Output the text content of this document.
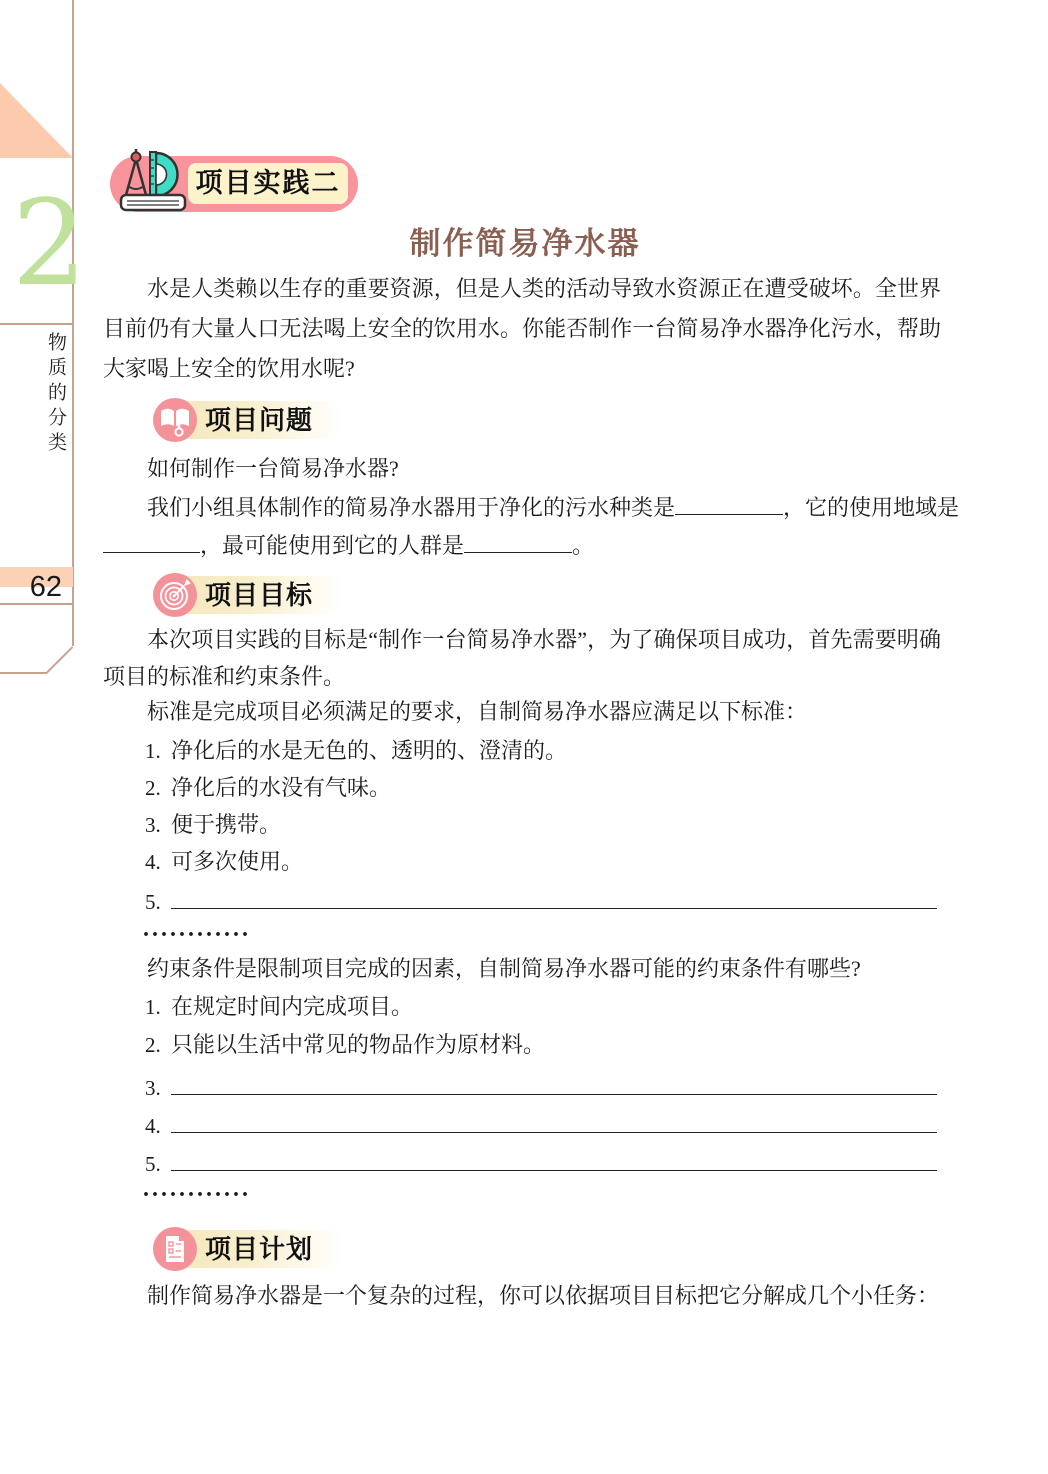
2
物质的分类
62
项目实践二
制作简易净水器
水是人类赖以生存的重要资源，但是人类的活动导致水资源正在遭受破坏。全世界目前仍有大量人口无法喝上安全的饮用水。你能否制作一台简易净水器净化污水，帮助大家喝上安全的饮用水呢?
项目问题
如何制作一台简易净水器?
我们小组具体制作的简易净水器用于净化的污水种类是	，它的使用地域是
，最可能使用到它的人群是	。
项目目标
本次项目实践的目标是“制作一台简易净水器”，为了确保项目成功，首先需要明确项目的标准和约束条件。
标准是完成项目必须满足的要求，自制简易净水器应满足以下标准：
1. 净化后的水是无色的、透明的、澄清的。
2. 净化后的水没有气味。
3. 便于携带。
4. 可多次使用。
5.
............
约束条件是限制项目完成的因素，自制简易净水器可能的约束条件有哪些?
1. 在规定时间内完成项目。
2. 只能以生活中常见的物品作为原材料。
3.
4.
5.
............
项目计划
制作简易净水器是一个复杂的过程，你可以依据项目目标把它分解成几个小任务：
